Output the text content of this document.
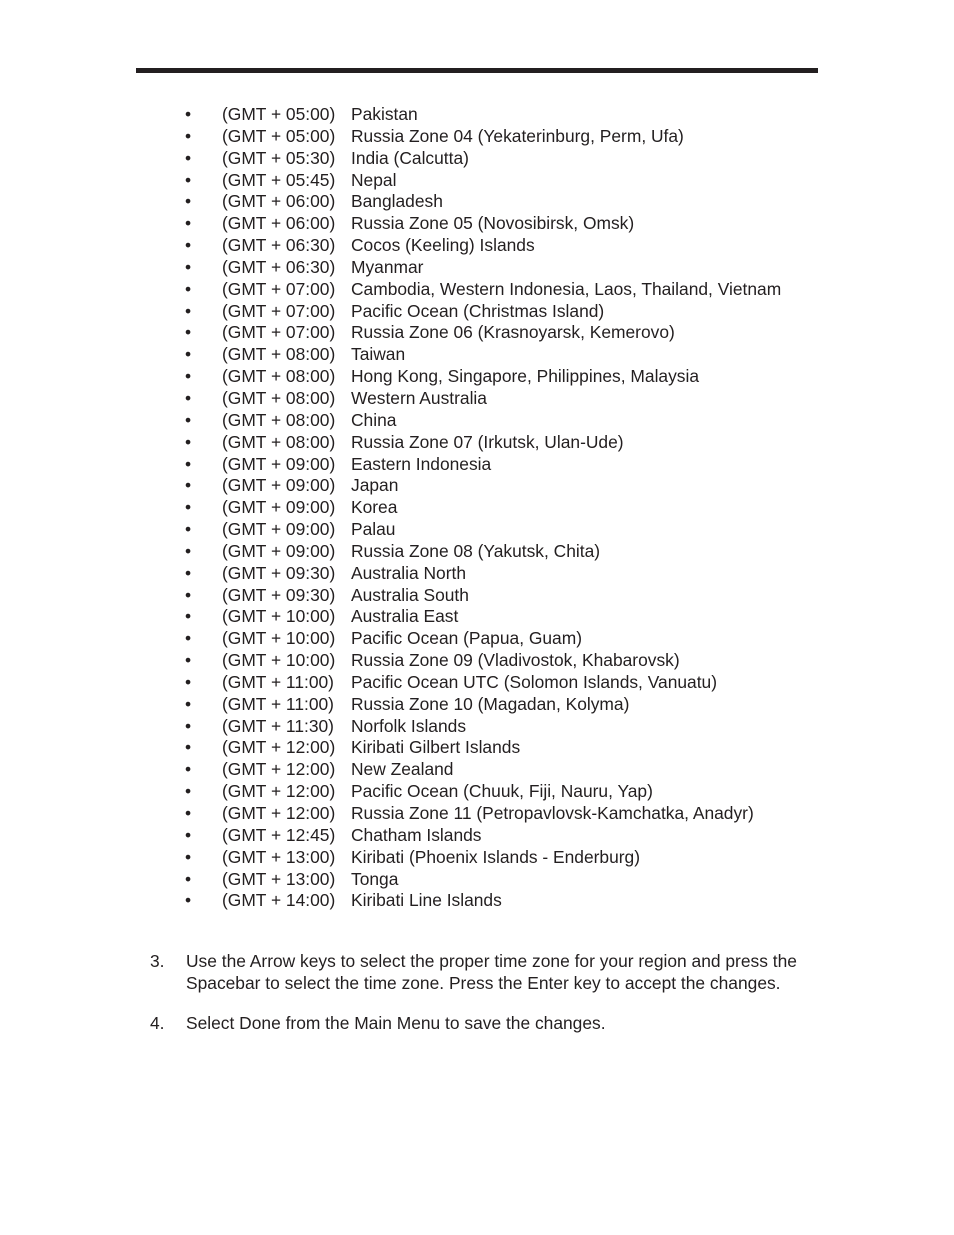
• (GMT + 05:00) Pakistan
• (GMT + 05:00) Russia Zone 04 (Yekaterinburg, Perm, Ufa)
• (GMT + 05:30) India (Calcutta)
• (GMT + 05:45) Nepal
• (GMT + 06:00) Bangladesh
• (GMT + 06:00) Russia Zone 05 (Novosibirsk, Omsk)
• (GMT + 06:30) Cocos (Keeling) Islands
• (GMT + 06:30) Myanmar
• (GMT + 07:00) Cambodia, Western Indonesia, Laos, Thailand, Vietnam
• (GMT + 07:00) Pacific Ocean (Christmas Island)
• (GMT + 07:00) Russia Zone 06 (Krasnoyarsk, Kemerovo)
• (GMT + 08:00) Taiwan
• (GMT + 08:00) Hong Kong, Singapore, Philippines, Malaysia
• (GMT + 08:00) Western Australia
• (GMT + 08:00) China
• (GMT + 08:00) Russia Zone 07 (Irkutsk, Ulan-Ude)
• (GMT + 09:00) Eastern Indonesia
• (GMT + 09:00) Japan
• (GMT + 09:00) Korea
• (GMT + 09:00) Palau
• (GMT + 09:00) Russia Zone 08 (Yakutsk, Chita)
• (GMT + 09:30) Australia North
• (GMT + 09:30) Australia South
• (GMT + 10:00) Australia East
• (GMT + 10:00) Pacific Ocean (Papua, Guam)
• (GMT + 10:00) Russia Zone 09 (Vladivostok, Khabarovsk)
• (GMT + 11:00) Pacific Ocean UTC (Solomon Islands, Vanuatu)
• (GMT + 11:00) Russia Zone 10 (Magadan, Kolyma)
• (GMT + 11:30) Norfolk Islands
• (GMT + 12:00) Kiribati Gilbert Islands
• (GMT + 12:00) New Zealand
• (GMT + 12:00) Pacific Ocean (Chuuk, Fiji, Nauru, Yap)
• (GMT + 12:00) Russia Zone 11 (Petropavlovsk-Kamchatka, Anadyr)
• (GMT + 12:45) Chatham Islands
• (GMT + 13:00) Kiribati (Phoenix Islands - Enderburg)
• (GMT + 13:00) Tonga
• (GMT + 14:00) Kiribati Line Islands
3. Use the Arrow keys to select the proper time zone for your region and press the Spacebar to select the time zone. Press the Enter key to accept the changes.
4. Select Done from the Main Menu to save the changes.
